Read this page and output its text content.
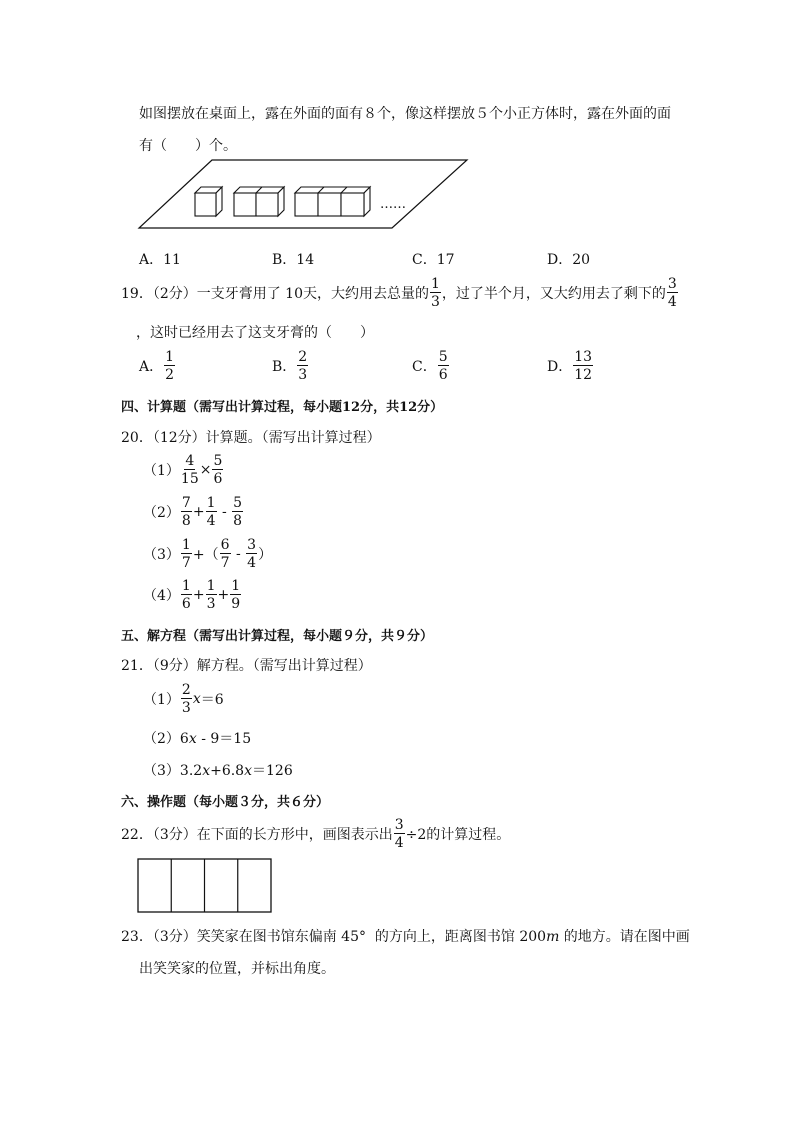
如图摆放在桌面上，露在外面的面有８个，像这样摆放５个小正方体时，露在外面的面
有（　　）个。
……
A．11	B．14	C．17	D．20
19．（2分）一支牙膏用了 10天，大约用去总量的 $\frac{1}{3}$ ，过了半个月，又大约用去了剩下的 $\frac{3}{4}$
，这时已经用去了这支牙膏的（　　）
A． $\frac{1}{2}$	B． $\frac{2}{3}$	C． $\frac{5}{6}$	D． $\frac{13}{12}$
四、计算题（需写出计算过程，每小题12分，共12分）
20．（12分）计算题。（需写出计算过程）
$(1) \frac{4}{15} \times \frac{5}{6}$
$(2) \frac{7}{8} + \frac{1}{4} - \frac{5}{8}$
$(3) \frac{1}{7}$ +（ $\frac{6}{7} - \frac{3}{4}$ ）
$(4) \frac{1}{6} + \frac{1}{3} + \frac{1}{9}$
五、解方程（需写出计算过程，每小题９分，共９分）
21．（9分）解方程。（需写出计算过程）
$(1) \frac{2}{3}$ x ＝6
（2）6x - 9＝15
（3）3.2x+6.8x＝126
六、操作题（每小题３分，共６分）
22．（3分）在下面的长方形中，画图表示出 $\frac{3}{4} \div 2$的计算过程。
23．（3分）笑笑家在图书馆东偏南 45°  的方向上，距离图书馆 200m 的地方。请在图中画
出笑笑家的位置，并标出角度。
